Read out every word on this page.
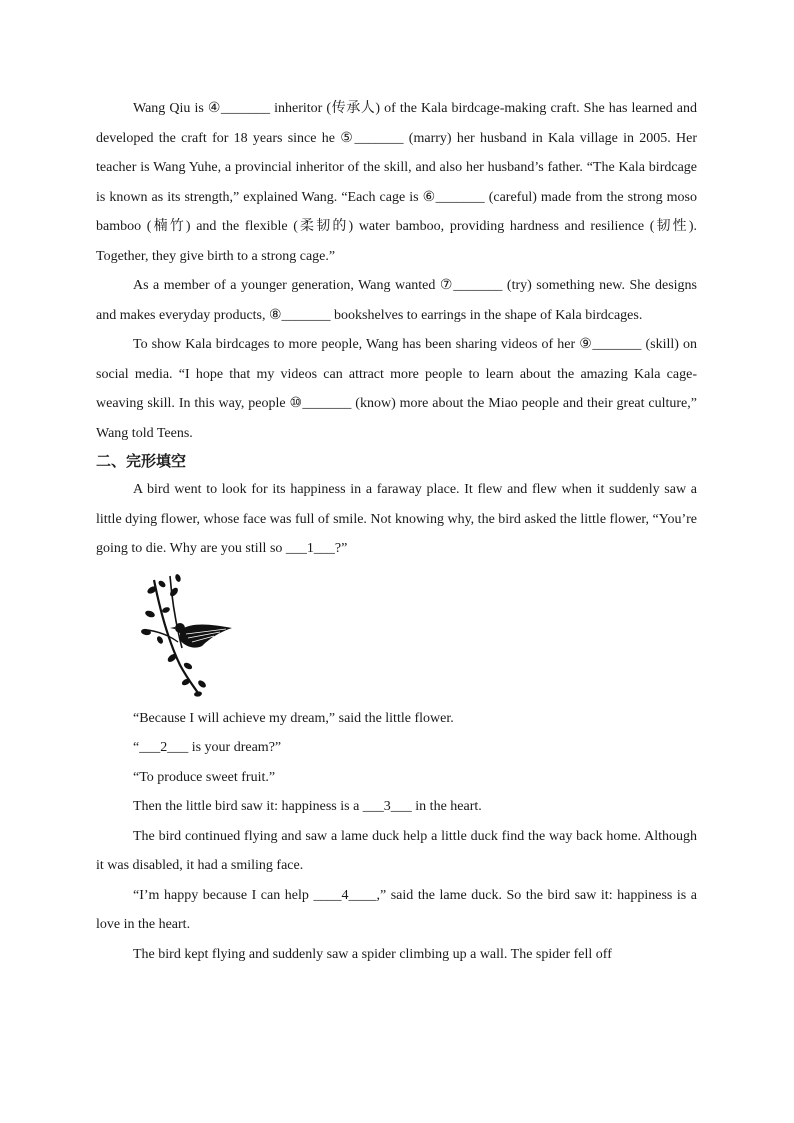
Wang Qiu is ④_______ inheritor (传承人) of the Kala birdcage-making craft. She has learned and developed the craft for 18 years since he ⑤_______ (marry) her husband in Kala village in 2005. Her teacher is Wang Yuhe, a provincial inheritor of the skill, and also her husband’s father. “The Kala birdcage is known as its strength,” explained Wang. “Each cage is ⑥_______ (careful) made from the strong moso bamboo (楠竹) and the flexible (柔韧的) water bamboo, providing hardness and resilience (韧性). Together, they give birth to a strong cage.”

As a member of a younger generation, Wang wanted ⑦_______ (try) something new. She designs and makes everyday products, ⑧_______ bookshelves to earrings in the shape of Kala birdcages.

To show Kala birdcages to more people, Wang has been sharing videos of her ⑨_______ (skill) on social media. “I hope that my videos can attract more people to learn about the amazing Kala cage-weaving skill. In this way, people ⑩_______ (know) more about the Miao people and their great culture,” Wang told Teens.

二、完形填空

A bird went to look for its happiness in a faraway place. It flew and flew when it suddenly saw a little dying flower, whose face was full of smile. Not knowing why, the bird asked the little flower, “You’re going to die. Why are you still so ___1___?”

“Because I will achieve my dream,” said the little flower.

“___2___ is your dream?”

“To produce sweet fruit.”

Then the little bird saw it: happiness is a ___3___ in the heart.

The bird continued flying and saw a lame duck help a little duck find the way back home. Although it was disabled, it had a smiling face.

“I’m happy because I can help ____4____,” said the lame duck. So the bird saw it: happiness is a love in the heart.

The bird kept flying and suddenly saw a spider climbing up a wall. The spider fell off
